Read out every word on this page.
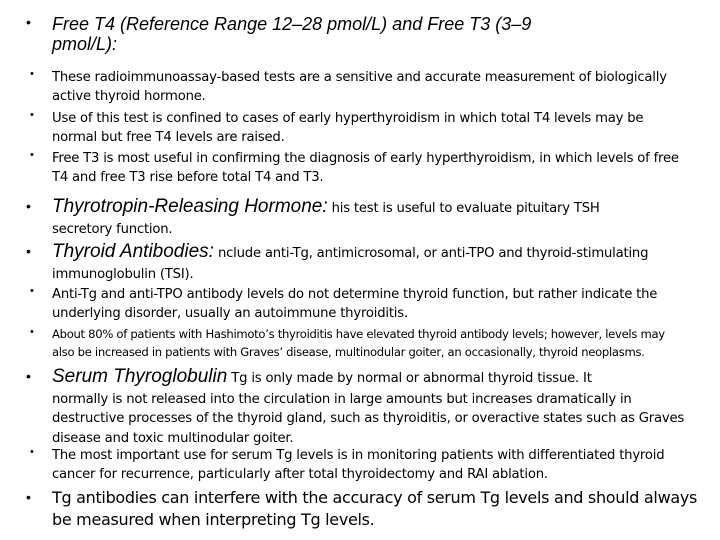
• Free T4 (Reference Range 12–28 pmol/L) and Free T3 (3–9
pmol/L):
• These radioimmunoassay-based tests are a sensitive and accurate measurement of biologically
active thyroid hormone.
• Use of this test is confined to cases of early hyperthyroidism in which total T4 levels may be
normal but free T4 levels are raised.
• Free T3 is most useful in confirming the diagnosis of early hyperthyroidism, in which levels of free
T4 and free T3 rise before total T4 and T3.
• Thyrotropin-Releasing Hormone: his test is useful to evaluate pituitary TSH
secretory function.
• Thyroid Antibodies: nclude anti-Tg, antimicrosomal, or anti-TPO and thyroid-stimulating
immunoglobulin (TSI).
• Anti-Tg and anti-TPO antibody levels do not determine thyroid function, but rather indicate the
underlying disorder, usually an autoimmune thyroiditis.
• About 80% of patients with Hashimoto’s thyroiditis have elevated thyroid antibody levels; however, levels may
also be increased in patients with Graves’ disease, multinodular goiter, an occasionally, thyroid neoplasms.
• Serum Thyroglobulin Tg is only made by normal or abnormal thyroid tissue. It
normally is not released into the circulation in large amounts but increases dramatically in
destructive processes of the thyroid gland, such as thyroiditis, or overactive states such as Graves
disease and toxic multinodular goiter.
• The most important use for serum Tg levels is in monitoring patients with differentiated thyroid
cancer for recurrence, particularly after total thyroidectomy and RAI ablation.
• Tg antibodies can interfere with the accuracy of serum Tg levels and should always
be measured when interpreting Tg levels.
